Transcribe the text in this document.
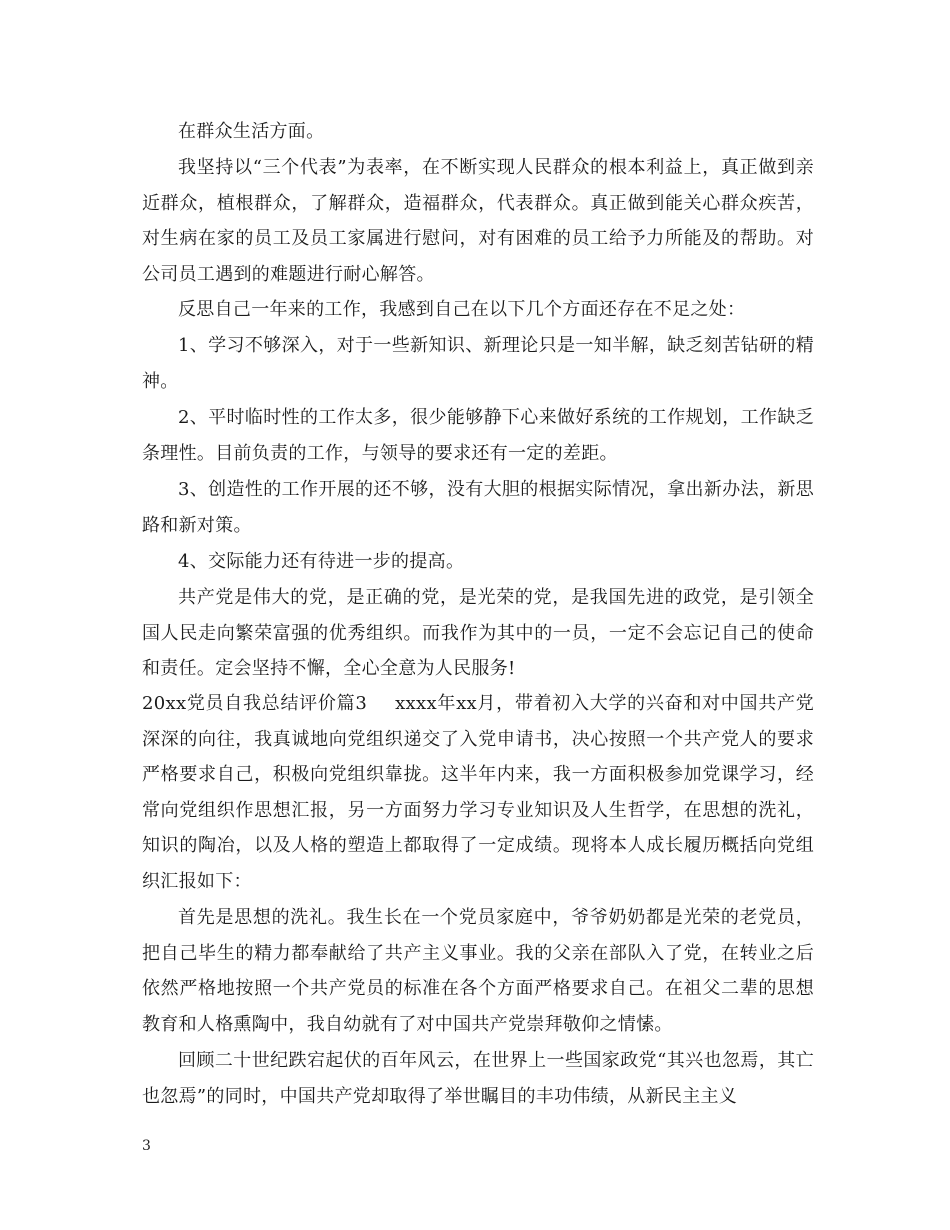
在群众生活方面。

我坚持以“三个代表”为表率，在不断实现人民群众的根本利益上，真正做到亲近群众，植根群众，了解群众，造福群众，代表群众。真正做到能关心群众疾苦，对生病在家的员工及员工家属进行慰问，对有困难的员工给予力所能及的帮助。对公司员工遇到的难题进行耐心解答。

反思自己一年来的工作，我感到自己在以下几个方面还存在不足之处：

1、学习不够深入，对于一些新知识、新理论只是一知半解，缺乏刻苦钻研的精神。

2、平时临时性的工作太多，很少能够静下心来做好系统的工作规划，工作缺乏条理性。目前负责的工作，与领导的要求还有一定的差距。

3、创造性的工作开展的还不够，没有大胆的根据实际情况，拿出新办法，新思路和新对策。

4、交际能力还有待进一步的提高。

共产党是伟大的党，是正确的党，是光荣的党，是我国先进的政党，是引领全国人民走向繁荣富强的优秀组织。而我作为其中的一员，一定不会忘记自己的使命和责任。定会坚持不懈，全心全意为人民服务!

20xx党员自我总结评价篇3 xxxx年xx月，带着初入大学的兴奋和对中国共产党深深的向往，我真诚地向党组织递交了入党申请书，决心按照一个共产党人的要求严格要求自己，积极向党组织靠拢。这半年内来，我一方面积极参加党课学习，经常向党组织作思想汇报，另一方面努力学习专业知识及人生哲学，在思想的洗礼，知识的陶冶，以及人格的塑造上都取得了一定成绩。现将本人成长履历概括向党组织汇报如下：

首先是思想的洗礼。我生长在一个党员家庭中，爷爷奶奶都是光荣的老党员，把自己毕生的精力都奉献给了共产主义事业。我的父亲在部队入了党，在转业之后依然严格地按照一个共产党员的标准在各个方面严格要求自己。在祖父二辈的思想教育和人格熏陶中，我自幼就有了对中国共产党崇拜敬仰之情愫。

回顾二十世纪跌宕起伏的百年风云，在世界上一些国家政党“其兴也忽焉，其亡也忽焉”的同时，中国共产党却取得了举世瞩目的丰功伟绩，从新民主主义

3
